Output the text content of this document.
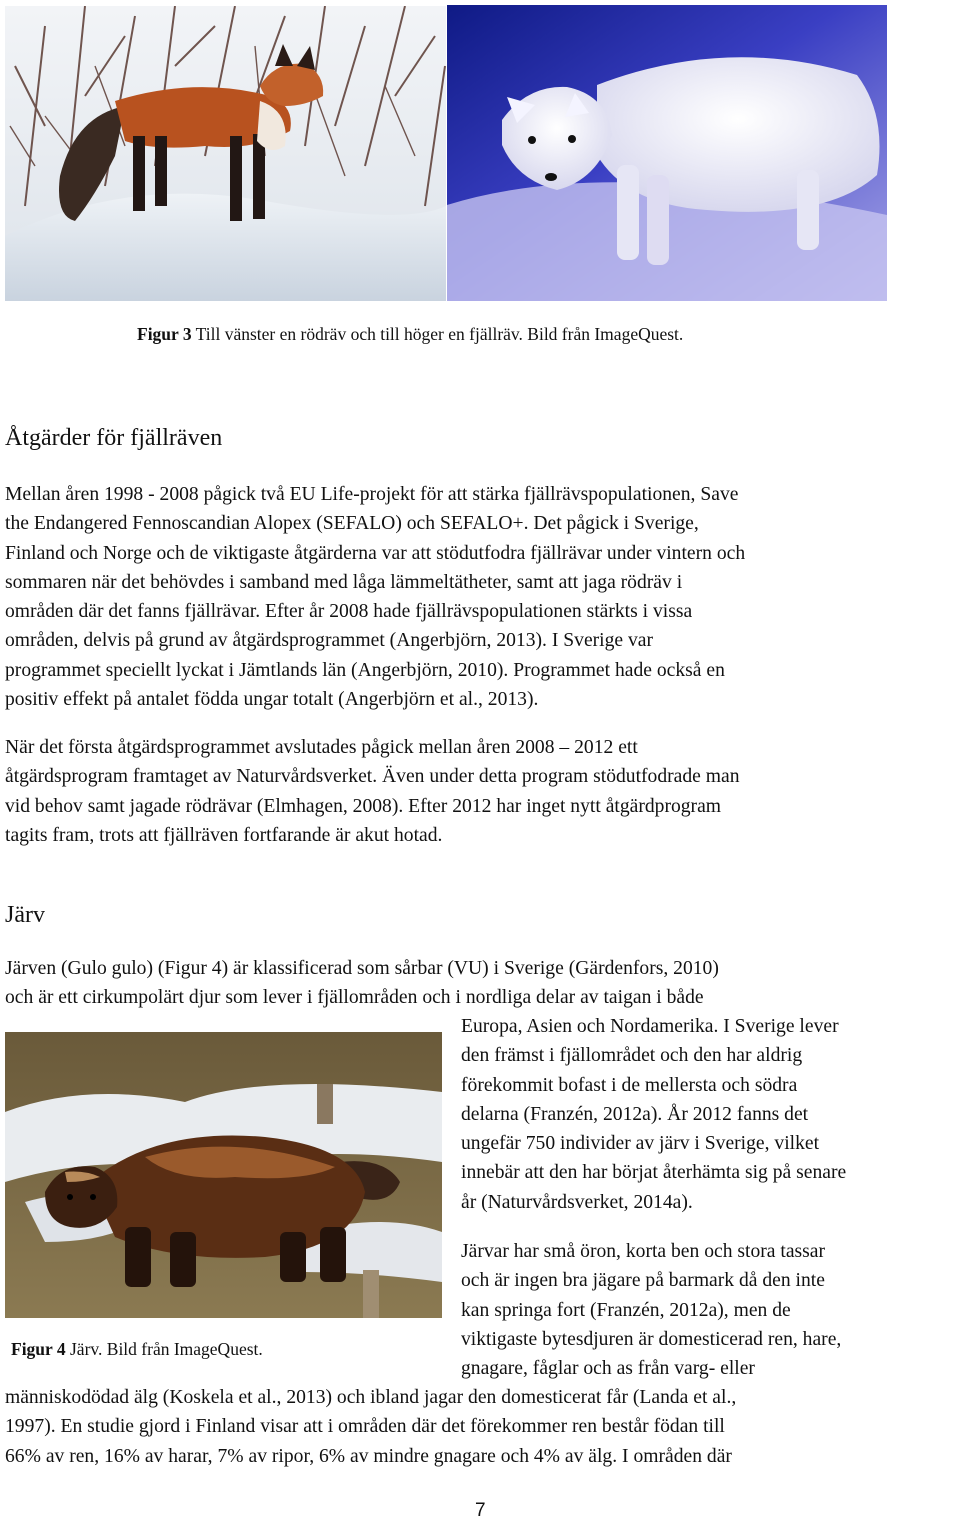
Figur 3 Till vänster en rödräv och till höger en fjällräv. Bild från ImageQuest.
Åtgärder för fjällräven

Mellan åren 1998 - 2008 pågick två EU Life-projekt för att stärka fjällrävspopulationen, Save
the Endangered Fennoscandian Alopex (SEFALO) och SEFALO+. Det pågick i Sverige,
Finland och Norge och de viktigaste åtgärderna var att stödutfodra fjällrävar under vintern och
sommaren när det behövdes i samband med låga lämmeltätheter, samt att jaga rödräv i
områden där det fanns fjällrävar. Efter år 2008 hade fjällrävspopulationen stärkts i vissa
områden, delvis på grund av åtgärdsprogrammet (Angerbjörn, 2013). I Sverige var
programmet speciellt lyckat i Jämtlands län (Angerbjörn, 2010). Programmet hade också en
positiv effekt på antalet födda ungar totalt (Angerbjörn et al., 2013).

När det första åtgärdsprogrammet avslutades pågick mellan åren 2008 – 2012 ett
åtgärdsprogram framtaget av Naturvårdsverket. Även under detta program stödutfodrade man
vid behov samt jagade rödrävar (Elmhagen, 2008). Efter 2012 har inget nytt åtgärdprogram
tagits fram, trots att fjällräven fortfarande är akut hotad.

Järv

Järven (Gulo gulo) (Figur 4) är klassificerad som sårbar (VU) i Sverige (Gärdenfors, 2010)
och är ett cirkumpolärt djur som lever i fjällområden och i nordliga delar av taigan i både

Europa, Asien och Nordamerika. I Sverige lever
den främst i fjällområdet och den har aldrig
förekommit bofast i de mellersta och södra
delarna (Franzén, 2012a). År 2012 fanns det
ungefär 750 individer av järv i Sverige, vilket
innebär att den har börjat återhämta sig på senare
år (Naturvårdsverket, 2014a).

Järvar har små öron, korta ben och stora tassar
och är ingen bra jägare på barmark då den inte
kan springa fort (Franzén, 2012a), men de
viktigaste bytesdjuren är domesticerad ren, hare,
gnagare, fåglar och as från varg- eller

Figur 4 Järv. Bild från ImageQuest.

människodödad älg (Koskela et al., 2013) och ibland jagar den domesticerat får (Landa et al.,
1997). En studie gjord i Finland visar att i områden där det förekommer ren består födan till
66% av ren, 16% av harar, 7% av ripor, 6% av mindre gnagare och 4% av älg. I områden där

7
